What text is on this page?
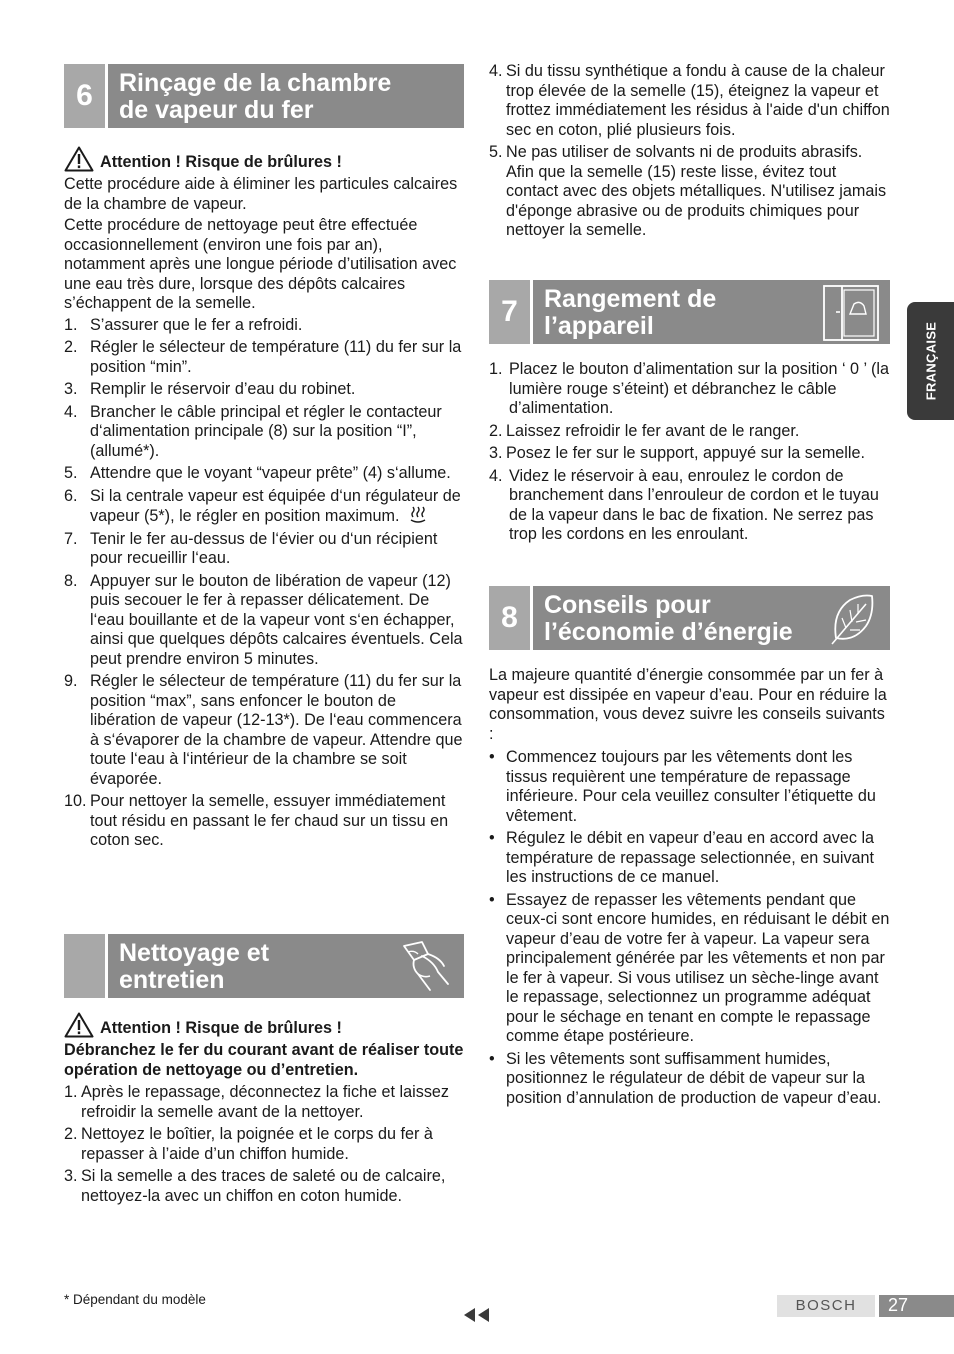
FRANÇAISE
6	Rinçage de la chambre
de vapeur du fer
Attention ! Risque de brûlures !

Cette procédure aide à éliminer les particules calcaires de la chambre de vapeur.

Cette procédure de nettoyage peut être effectuée occasionnellement (environ une fois par an), notamment après une longue période d’utilisation avec une eau très dure, lorsque des dépôts calcaires s’échappent de la semelle.

1. S’assurer que le fer a refroidi.
2. Régler le sélecteur de température (11) du fer sur la position “min”.
3. Remplir le réservoir d’eau du robinet.
4. Brancher le câble principal et régler le contacteur d‘alimentation principale (8) sur la position “I”, (allumé*).
5. Attendre que le voyant “vapeur prête” (4) s‘allume.
6. Si la centrale vapeur est équipée d‘un régulateur de vapeur (5*), le régler en position maximum.
7. Tenir le fer au-dessus de l‘évier ou d‘un récipient pour recueillir l‘eau.
8. Appuyer sur le bouton de libération de vapeur (12) puis secouer le fer à repasser délicatement. De l‘eau bouillante et de la vapeur vont s‘en échapper, ainsi que quelques dépôts calcaires éventuels. Cela peut prendre environ 5 minutes.
9. Régler le sélecteur de température (11) du fer sur la position “max”, sans enfoncer le bouton de libération de vapeur (12-13*). De l‘eau commencera à s‘évaporer de la chambre de vapeur. Attendre que toute l‘eau à l‘intérieur de la chambre se soit évaporée.
10. Pour nettoyer la semelle, essuyer immédiatement tout résidu en passant le fer chaud sur un tissu en coton sec.
Nettoyage et
entretien
Attention ! Risque de brûlures !

Débranchez le fer du courant avant de réaliser toute opération de nettoyage ou d’entretien.

1. Après le repassage, déconnectez la fiche et laissez refroidir la semelle avant de la nettoyer.
2. Nettoyez le boîtier, la poignée et le corps du fer à repasser à l’aide d’un chiffon humide.
3. Si la semelle a des traces de saleté ou de calcaire, nettoyez-la avec un chiffon en coton humide.
4. Si du tissu synthétique a fondu à cause de la chaleur trop élevée de la semelle (15), éteignez la vapeur et frottez immédiatement les résidus à l'aide d'un chiffon sec en coton, plié plusieurs fois.
5. Ne pas utiliser de solvants ni de produits abrasifs. Afin que la semelle (15) reste lisse, évitez tout contact avec des objets métalliques. N'utilisez jamais d'éponge abrasive ou de produits chimiques pour nettoyer la semelle.
7	Rangement de
l’appareil
1. Placez le bouton d’alimentation sur la position ‘ 0 ’ (la lumière rouge s’éteint) et débranchez le câble d’alimentation.
2. Laissez refroidir le fer avant de le ranger.
3. Posez le fer sur le support, appuyé sur la semelle.
4. Videz le réservoir à eau, enroulez le cordon de branchement dans l’enrouleur de cordon et le tuyau de la vapeur dans le bac de fixation. Ne serrez pas trop les cordons en les enroulant.
8	Conseils pour
l’économie d’énergie

La majeure quantité d’énergie consommée par un fer à vapeur est dissipée en vapeur d’eau. Pour en réduire la consommation, vous devez suivre les conseils suivants :

• Commencez toujours par les vêtements dont les tissus requièrent une température de repassage inférieure. Pour cela veuillez consulter l’étiquette du vêtement.
• Régulez le débit en vapeur d’eau en accord avec la température de repassage selectionnée, en suivant les instructions de ce manuel.
• Essayez de repasser les vêtements pendant que ceux-ci sont encore humides, en réduisant le débit en vapeur d’eau de votre fer à vapeur. La vapeur sera principalement générée par les vêtements et non par le fer à vapeur. Si vous utilisez un sèche-linge avant le repassage, selectionnez un programme adéquat pour le séchage en tenant en compte le repassage comme étape postérieure.
• Si les vêtements sont suffisamment humides, positionnez le régulateur de débit de vapeur sur la position d’annulation de production de vapeur d’eau.
* Dépendant du modèle	BOSCH	27
